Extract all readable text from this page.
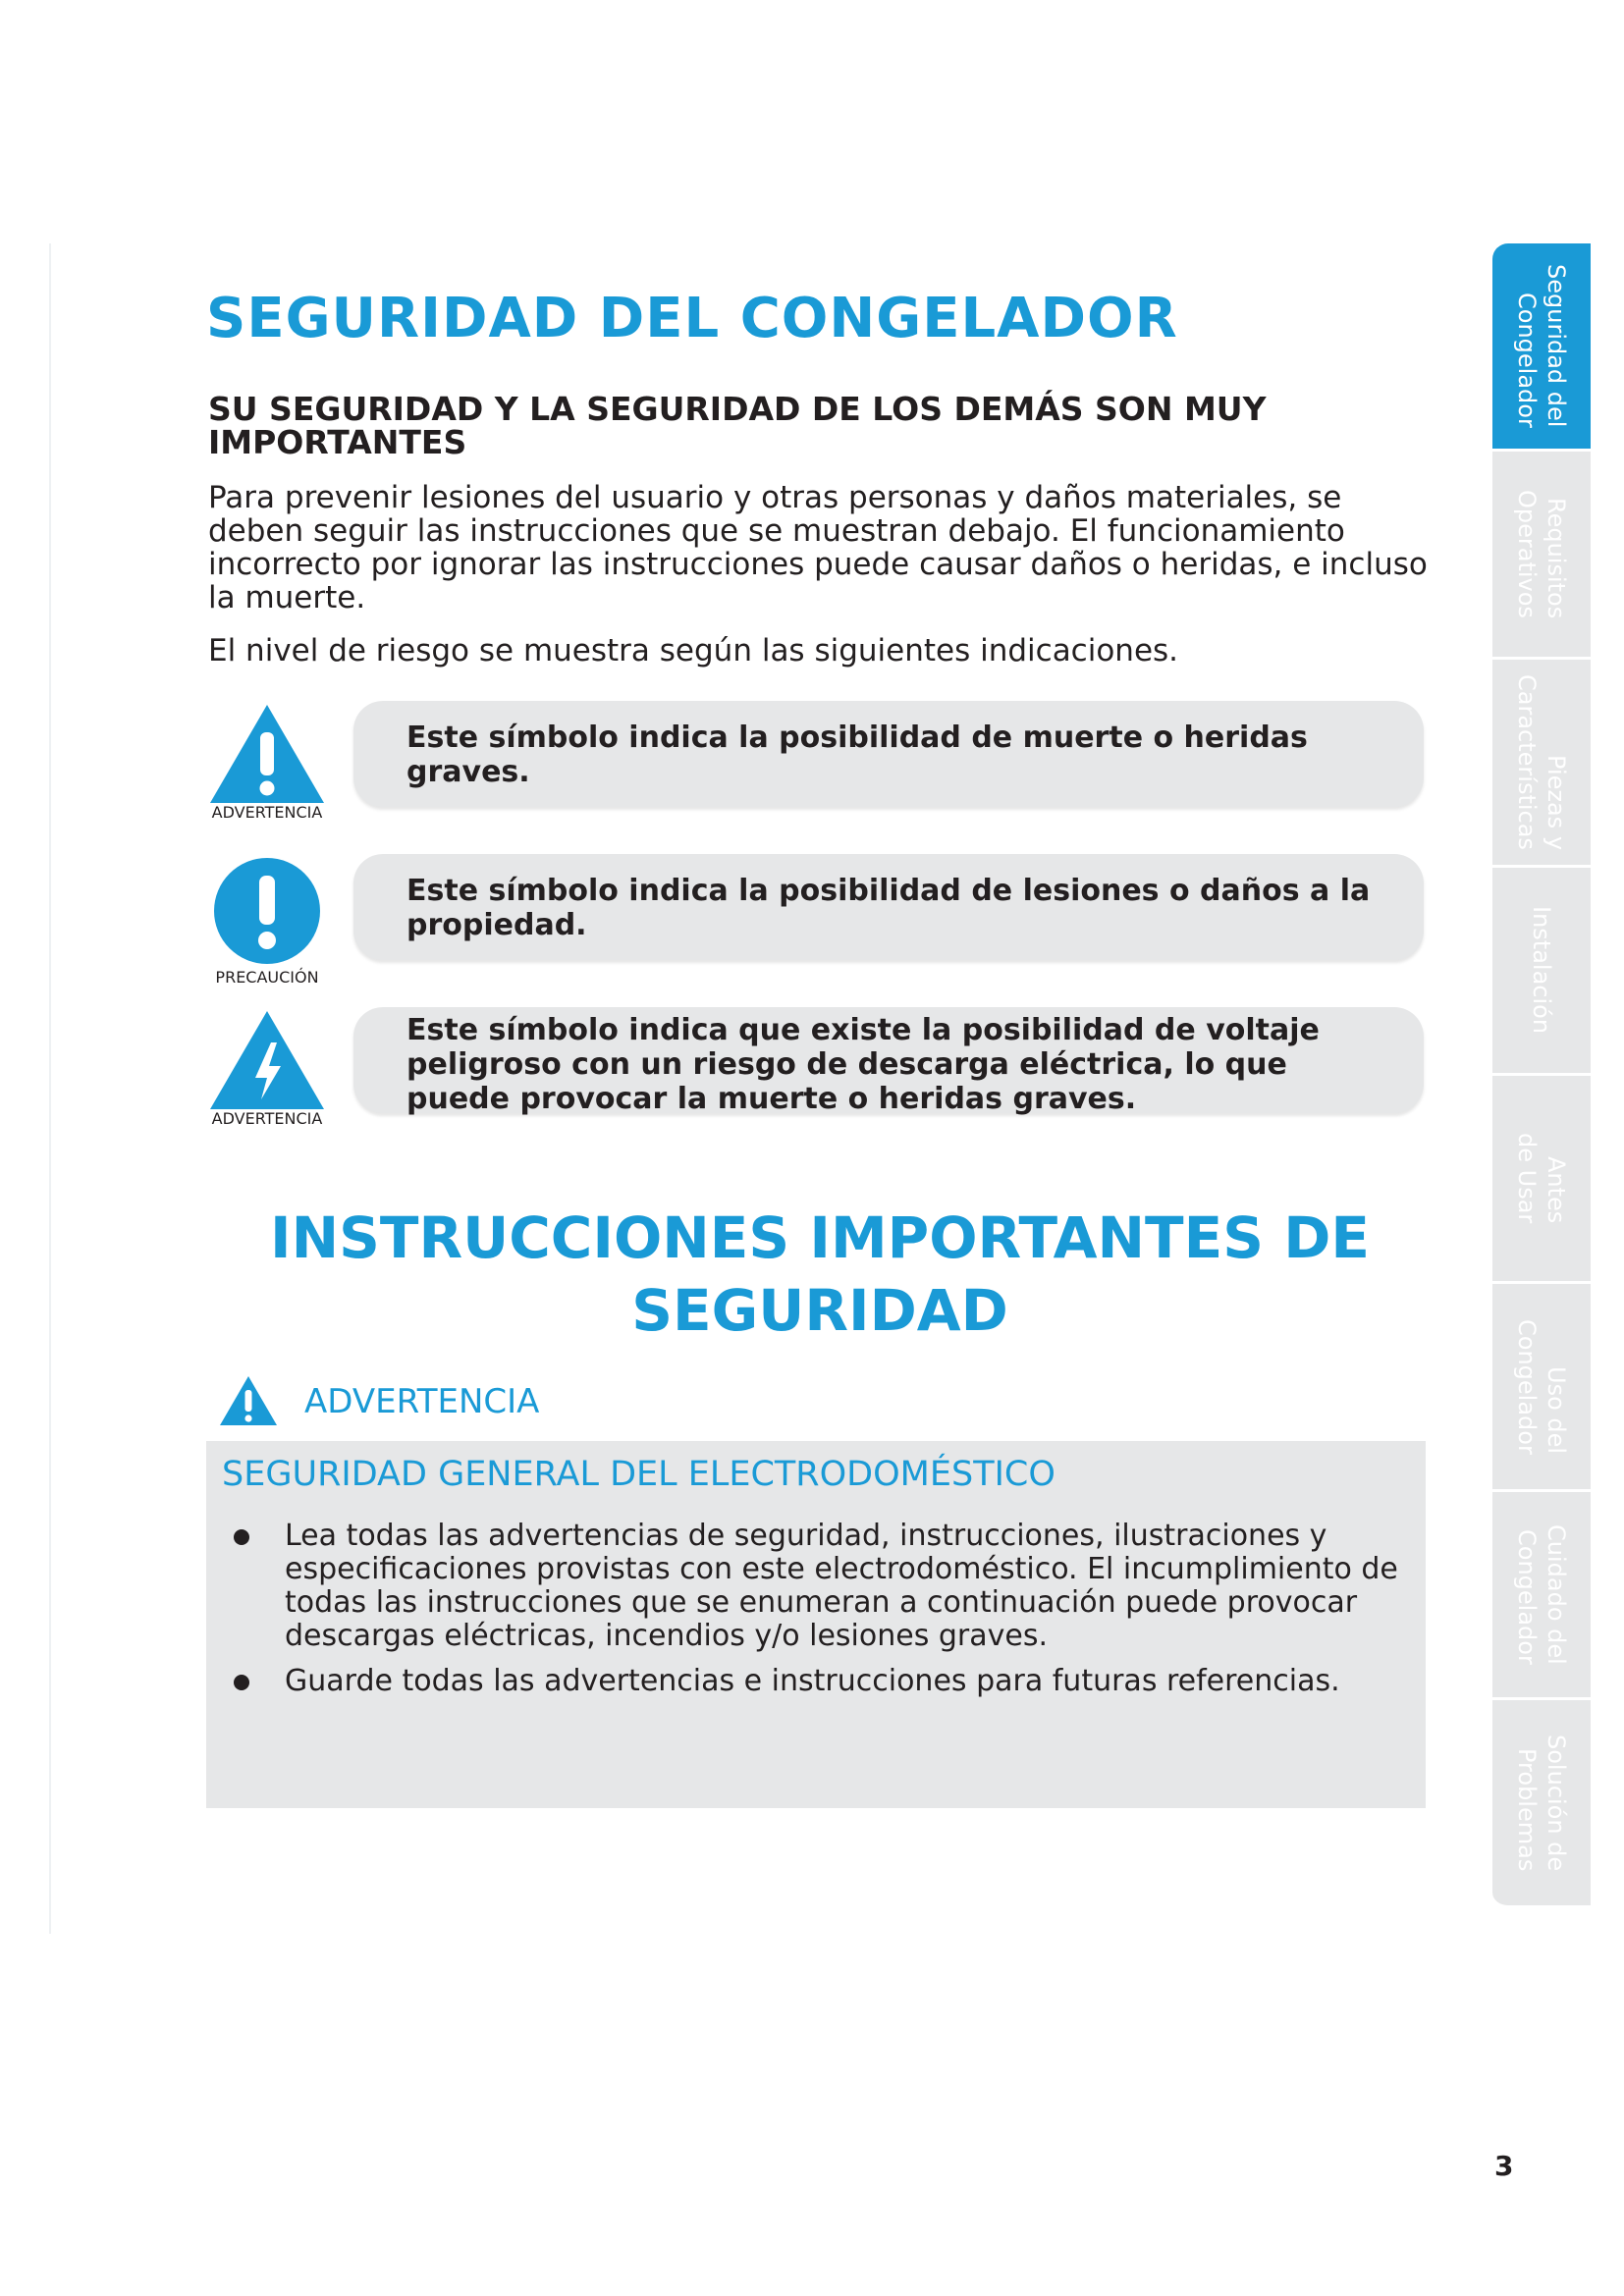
SEGURIDAD DEL CONGELADOR
SU SEGURIDAD Y LA SEGURIDAD DE LOS DEMÁS SON MUY IMPORTANTES

Para prevenir lesiones del usuario y otras personas y daños materiales, se deben seguir las instrucciones que se muestran debajo. El funcionamiento incorrecto por ignorar las instrucciones puede causar daños o heridas, e incluso la muerte.

El nivel de riesgo se muestra según las siguientes indicaciones.

ADVERTENCIA
Este símbolo indica la posibilidad de muerte o heridas graves.
PRECAUCIÓN
Este símbolo indica la posibilidad de lesiones o daños a la propiedad.
ADVERTENCIA
Este símbolo indica que existe la posibilidad de voltaje peligroso con un riesgo de descarga eléctrica, lo que puede provocar la muerte o heridas graves.
INSTRUCCIONES IMPORTANTES DE SEGURIDAD
ADVERTENCIA
SEGURIDAD GENERAL DEL ELECTRODOMÉSTICO
Lea todas las advertencias de seguridad, instrucciones, ilustraciones y especificaciones provistas con este electrodoméstico. El incumplimiento de todas las instrucciones que se enumeran a continuación puede provocar descargas eléctricas, incendios y/o lesiones graves.
Guarde todas las advertencias e instrucciones para futuras referencias.
Seguridad del
Congelador
Requisitos
Operativos
Piezas y
Características
Instalación
Antes
de Usar
Uso del
Congelador
Cuidado del
Congelador
Solución de
Problemas
3
